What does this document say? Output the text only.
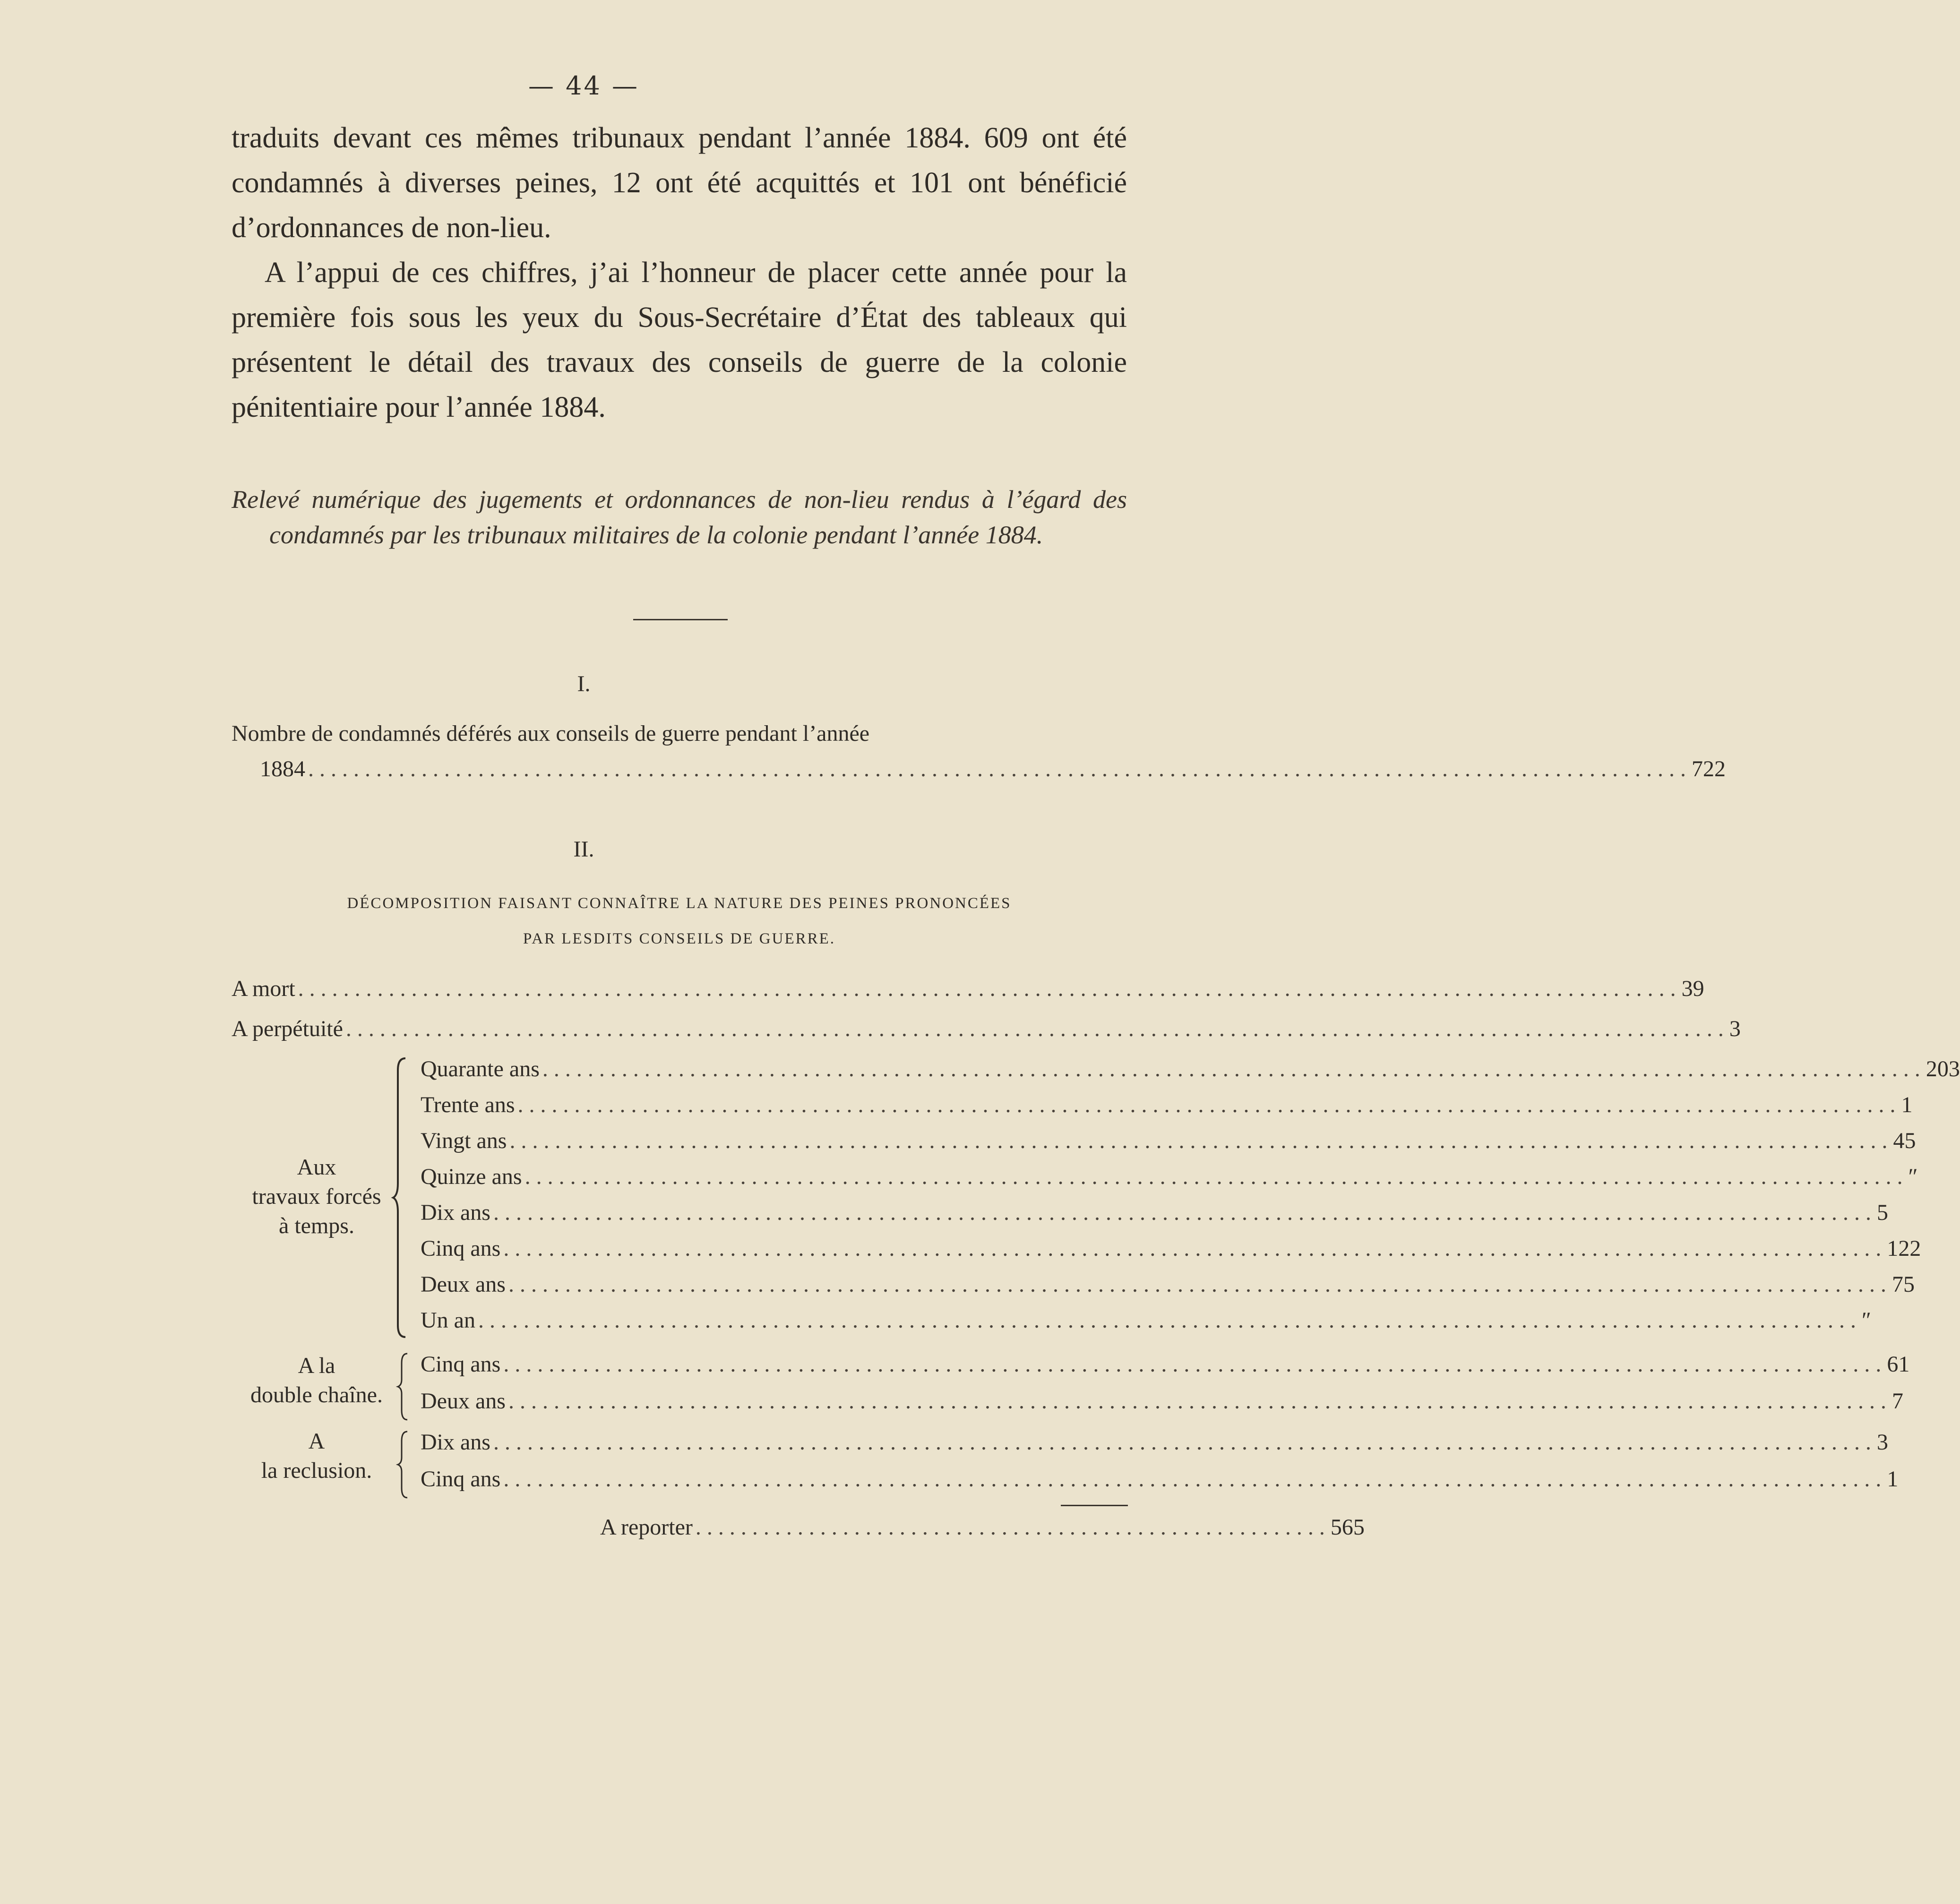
— 44 —

traduits devant ces mêmes tribunaux pendant l’année 1884. 609 ont été condamnés à diverses peines, 12 ont été acquittés et 101 ont bénéficié d’ordonnances de non-lieu.

A l’appui de ces chiffres, j’ai l’honneur de placer cette année pour la première fois sous les yeux du Sous-Secrétaire d’État des tableaux qui présentent le détail des travaux des conseils de guerre de la colonie pénitentiaire pour l’année 1884.

Relevé numérique des jugements et ordonnances de non-lieu rendus à l’égard des condamnés par les tribunaux militaires de la colonie pendant l’année 1884.
I.
Nombre de condamnés déférés aux conseils de guerre pendant l’année
1884 .......................................................................................................................... 722
II.
DÉCOMPOSITION FAISANT CONNAÎTRE LA NATURE DES PEINES PRONONCÉES
PAR LESDITS CONSEILS DE GUERRE.
A mort .......................................................................................................................... 39
A perpétuité .......................................................................................................................... 3
Aux
travaux forcés
à temps.
Quarante ans .......................................................................................................................... 203
Trente ans .......................................................................................................................... 1
Vingt ans .......................................................................................................................... 45
Quinze ans .......................................................................................................................... ″
Dix ans .......................................................................................................................... 5
Cinq ans .......................................................................................................................... 122
Deux ans .......................................................................................................................... 75
Un an .......................................................................................................................... ″
A la
double chaîne.
Cinq ans .......................................................................................................................... 61
Deux ans .......................................................................................................................... 7
A
la reclusion.
Dix ans .......................................................................................................................... 3
Cinq ans .......................................................................................................................... 1
A reporter ........................................................ 565
